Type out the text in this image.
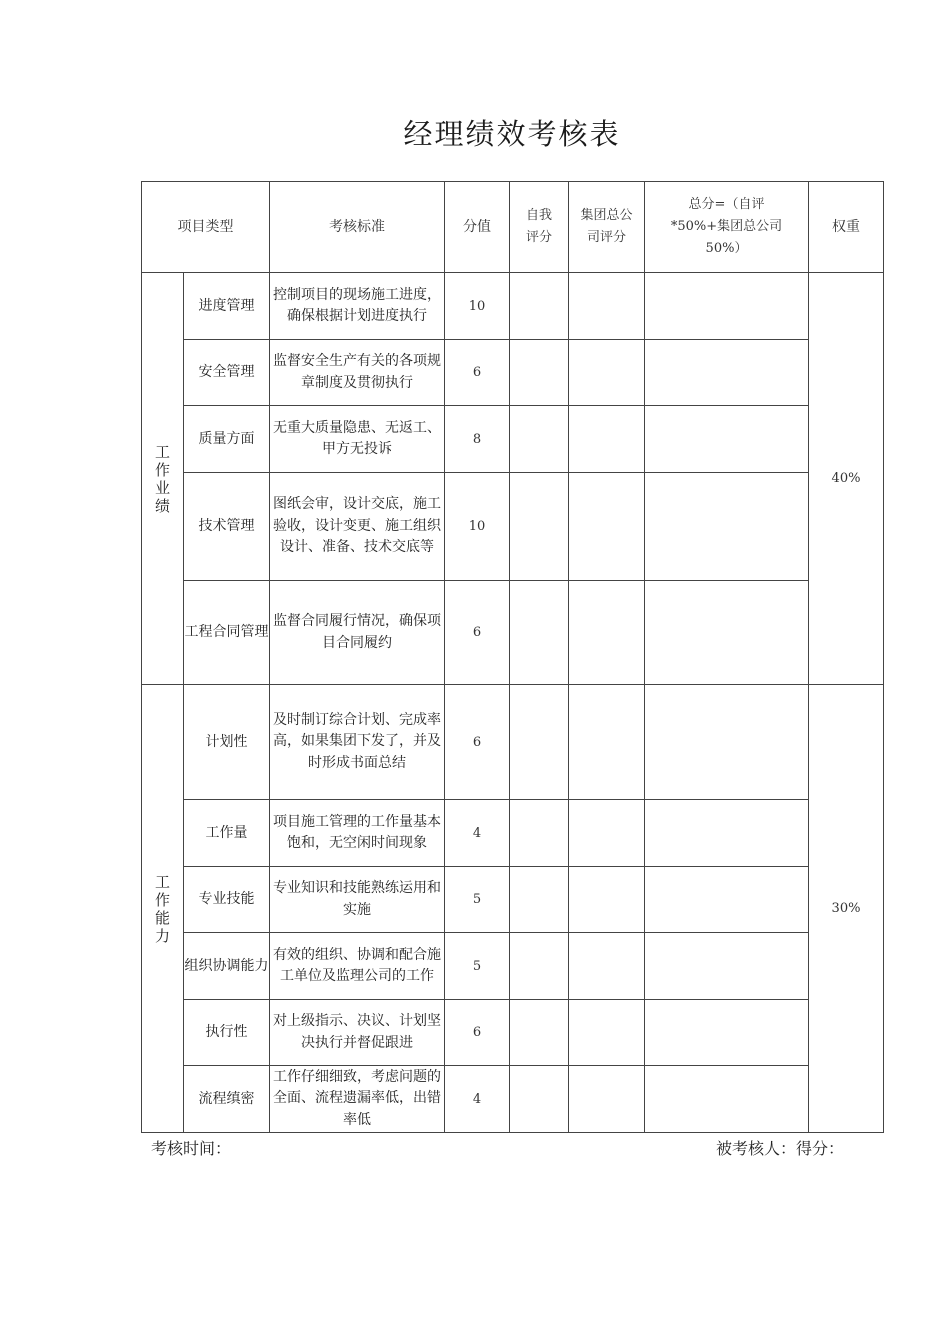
经理绩效考核表
项目类型		考核标准	分值	自我评分	集团总公司评分	总分=（自评*50%+集团总公司 50%）	权重

工作业绩	进度管理	控制项目的现场施工进度，确保根据计划进度执行	10				40%
	安全管理	监督安全生产有关的各项规章制度及贯彻执行	6				
	质量方面	无重大质量隐患、无返工、甲方无投诉	8				
	技术管理	图纸会审，设计交底，施工验收，设计变更、施工组织设计、准备、技术交底等	10				
	工程合同管理	监督合同履行情况，确保项目合同履约	6				

工作能力	计划性	及时制订综合计划、完成率高，如果集团下发了，并及时形成书面总结	6				30%
	工作量	项目施工管理的工作量基本饱和，无空闲时间现象	4				
	专业技能	专业知识和技能熟练运用和实施	5				
	组织协调能力	有效的组织、协调和配合施工单位及监理公司的工作	5				
	执行性	对上级指示、决议、计划坚决执行并督促跟进	6				
	流程缜密	工作仔细细致，考虑问题的全面、流程遗漏率低，出错率低	4				
考核时间：	被考核人：得分：
